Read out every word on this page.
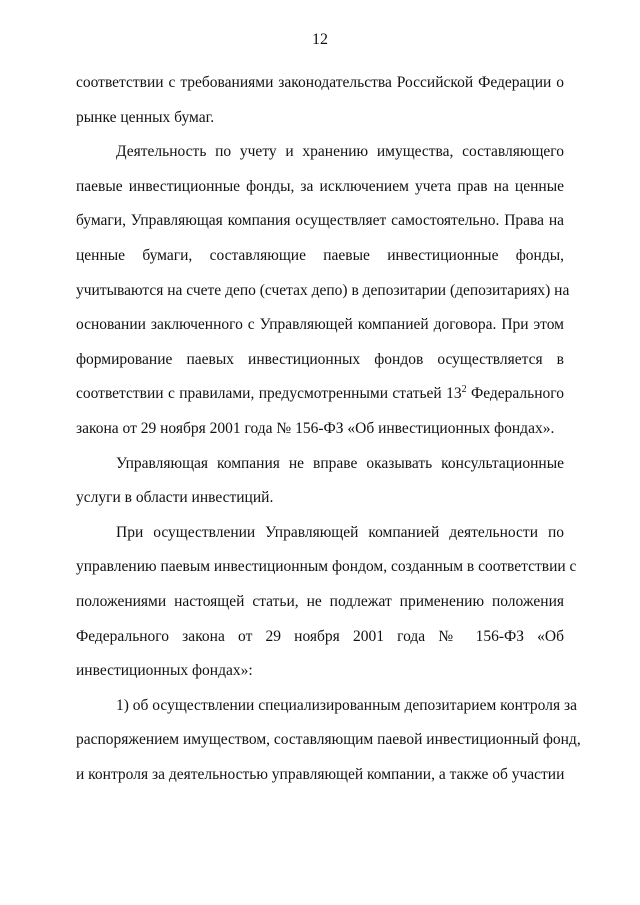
12
соответствии с требованиями законодательства Российской Федерации о
рынке ценных бумаг.
Деятельность по учету и хранению имущества, составляющего
паевые инвестиционные фонды, за исключением учета прав на ценные
бумаги, Управляющая компания осуществляет самостоятельно. Права на
ценные бумаги, составляющие паевые инвестиционные фонды,
учитываются на счете депо (счетах депо) в депозитарии (депозитариях) на
основании заключенного с Управляющей компанией договора. При этом
формирование паевых инвестиционных фондов осуществляется в
соответствии с правилами, предусмотренными статьей $13^2$ Федерального
закона от 29 ноября 2001 года № 156-ФЗ «Об инвестиционных фондах».
Управляющая компания не вправе оказывать консультационные
услуги в области инвестиций.
При осуществлении Управляющей компанией деятельности по
управлению паевым инвестиционным фондом, созданным в соответствии с
положениями настоящей статьи, не подлежат применению положения
Федерального закона от 29 ноября 2001 года № 156-ФЗ «Об
инвестиционных фондах»:
1) об осуществлении специализированным депозитарием контроля за
распоряжением имуществом, составляющим паевой инвестиционный фонд,
и контроля за деятельностью управляющей компании, а также об участии
